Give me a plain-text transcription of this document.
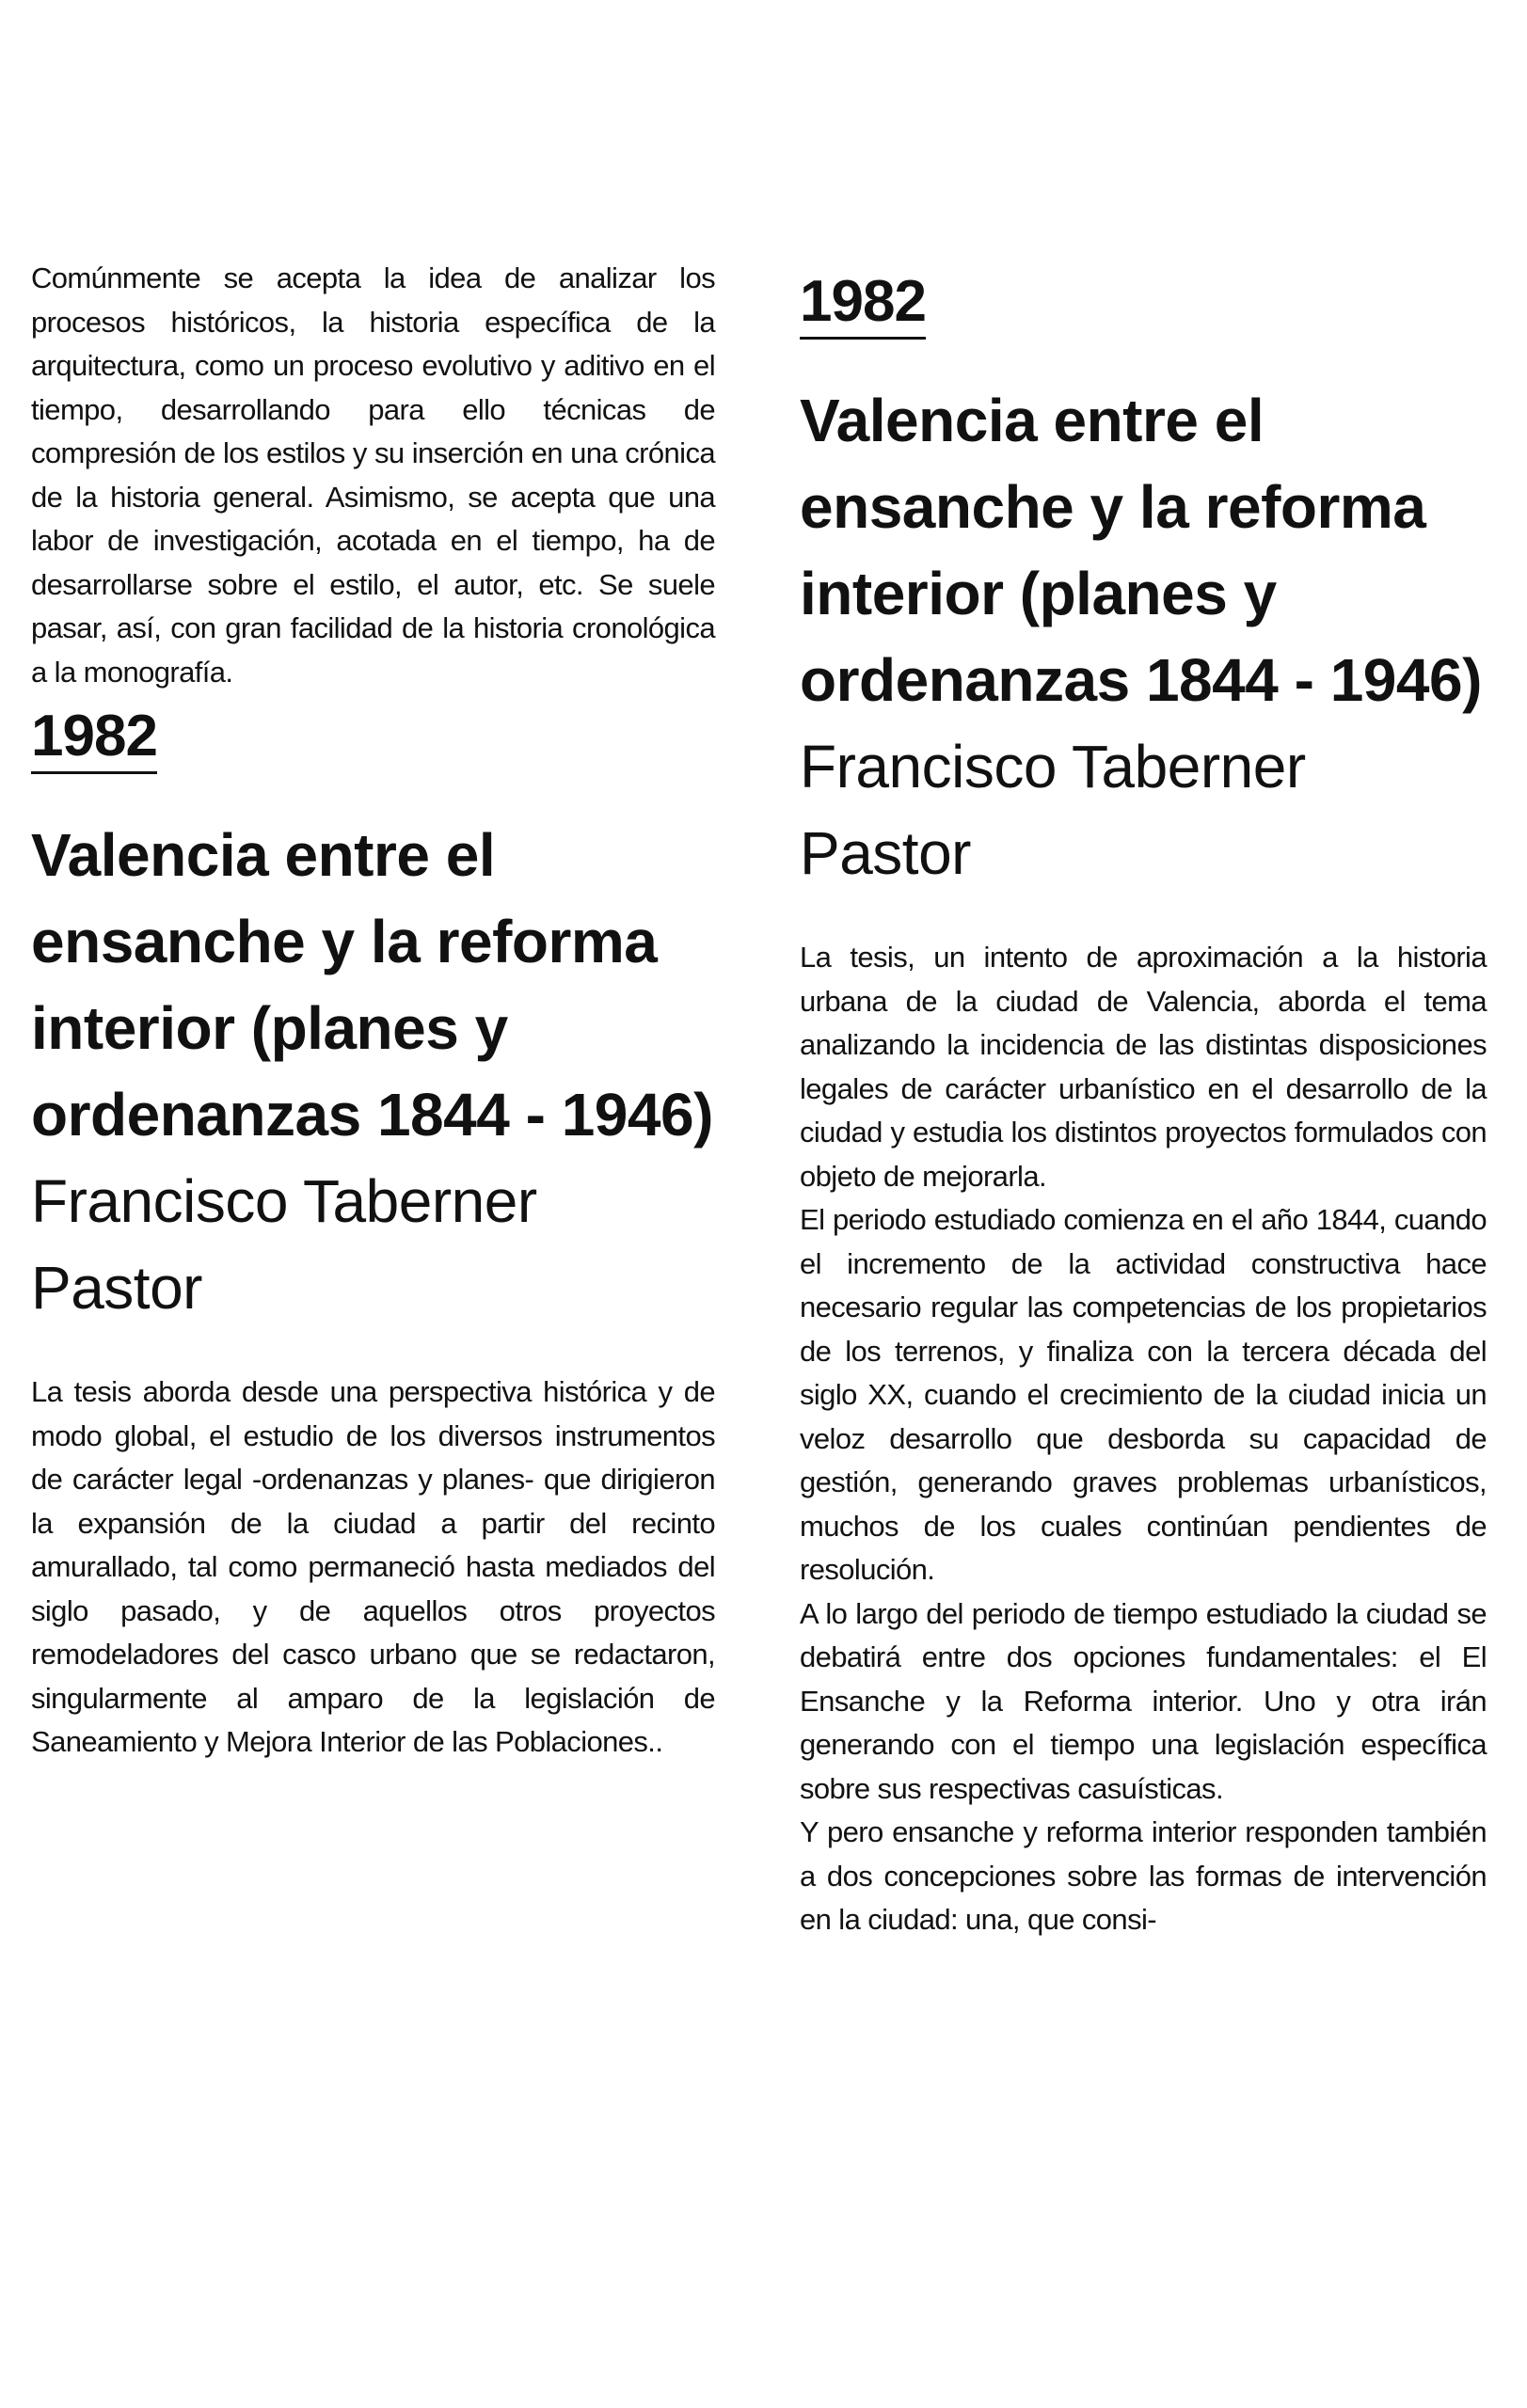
Comúnmente se acepta la idea de analizar los procesos históricos, la historia específica de la arquitectura, como un proceso evolutivo y aditivo en el tiempo, desarrollando para ello técnicas de compresión de los estilos y su inserción en una crónica de la historia general. Asimismo, se acepta que una labor de investigación, acotada en el tiempo, ha de desarrollarse sobre el estilo, el autor, etc. Se suele pasar, así, con gran facilidad de la historia cronológica a la monografía.

1982
Valencia entre el ensanche y la reforma interior (planes y ordenanzas 1844 - 1946)
Francisco Taberner Pastor

La tesis aborda desde una perspectiva histórica y de modo global, el estudio de los diversos instrumentos de carácter legal -ordenanzas y planes- que dirigieron la expansión de la ciudad a partir del recinto amurallado, tal como permaneció hasta mediados del siglo pasado, y de aquellos otros proyectos remodeladores del casco urbano que se redactaron, singularmente al amparo de la legislación de Saneamiento y Mejora Interior de las Poblaciones..

1982
Valencia entre el ensanche y la reforma interior (planes y ordenanzas 1844 - 1946)
Francisco Taberner Pastor
La tesis, un intento de aproximación a la historia urbana de la ciudad de Valencia, aborda el tema analizando la incidencia de las distintas disposiciones legales de carácter urbanístico en el desarrollo de la ciudad y estudia los distintos proyectos formulados con objeto de mejorarla.
El periodo estudiado comienza en el año 1844, cuando el incremento de la actividad constructiva hace necesario regular las competencias de los propietarios de los terrenos, y finaliza con la tercera década del siglo XX, cuando el crecimiento de la ciudad inicia un veloz desarrollo que desborda su capacidad de gestión, generando graves problemas urbanísticos, muchos de los cuales continúan pendientes de resolución.
A lo largo del periodo de tiempo estudiado la ciudad se debatirá entre dos opciones fundamentales: el El Ensanche y la Reforma interior. Uno y otra irán generando con el tiempo una legislación específica sobre sus respectivas casuísticas.
Y pero ensanche y reforma interior responden también a dos concepciones sobre las formas de intervención en la ciudad: una, que consi-
